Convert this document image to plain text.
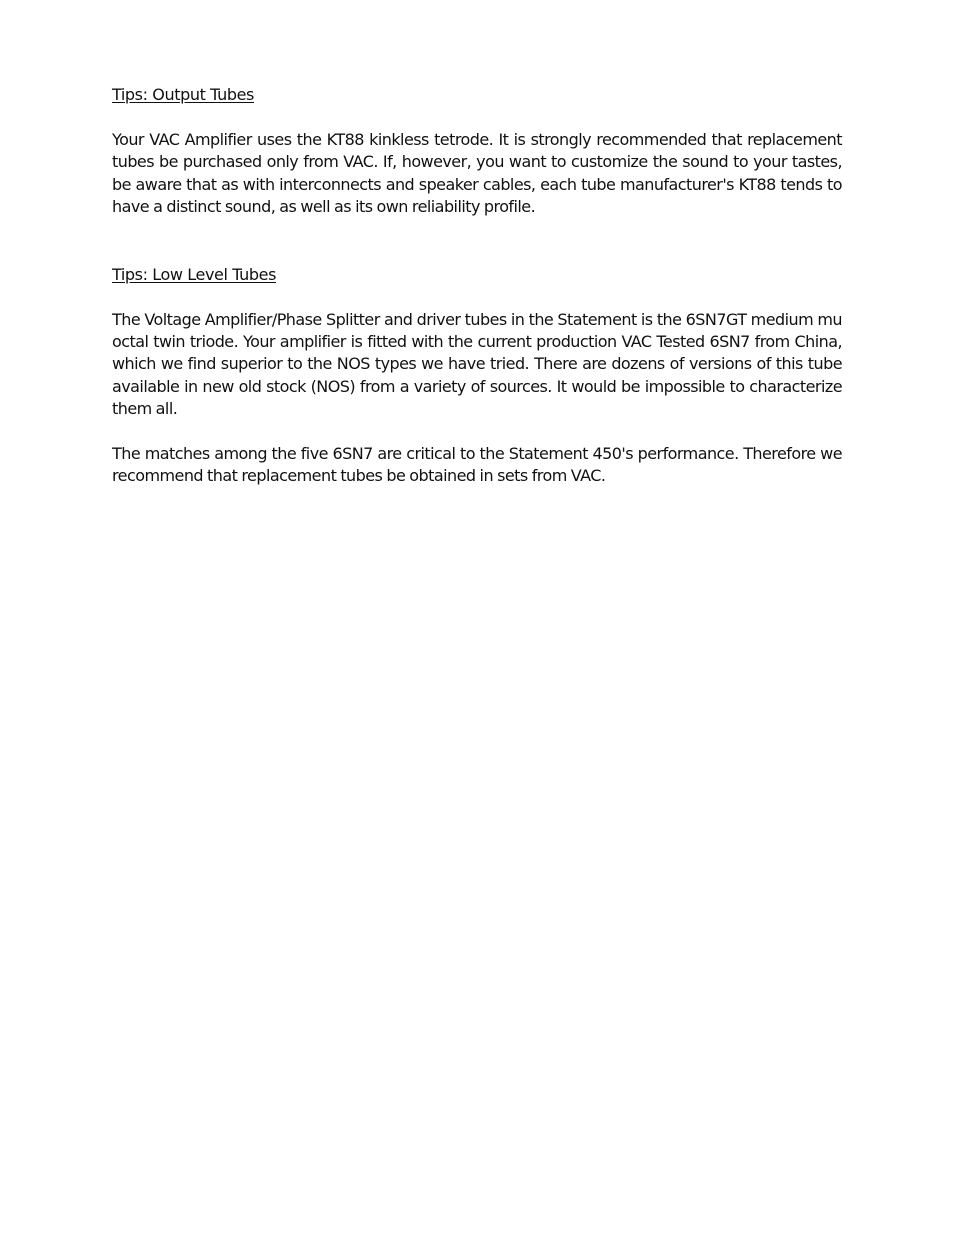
Tips: Output Tubes

Your VAC Amplifier uses the KT88 kinkless tetrode. It is strongly recommended that replacement tubes be purchased only from VAC. If, however, you want to customize the sound to your tastes, be aware that as with interconnects and speaker cables, each tube manufacturer's KT88 tends to have a distinct sound, as well as its own reliability profile.

Tips: Low Level Tubes

The Voltage Amplifier/Phase Splitter and driver tubes in the Statement is the 6SN7GT medium mu octal twin triode. Your amplifier is fitted with the current production VAC Tested 6SN7 from China, which we find superior to the NOS types we have tried. There are dozens of versions of this tube available in new old stock (NOS) from a variety of sources. It would be impossible to characterize them all.

The matches among the five 6SN7 are critical to the Statement 450's performance. Therefore we recommend that replacement tubes be obtained in sets from VAC.
